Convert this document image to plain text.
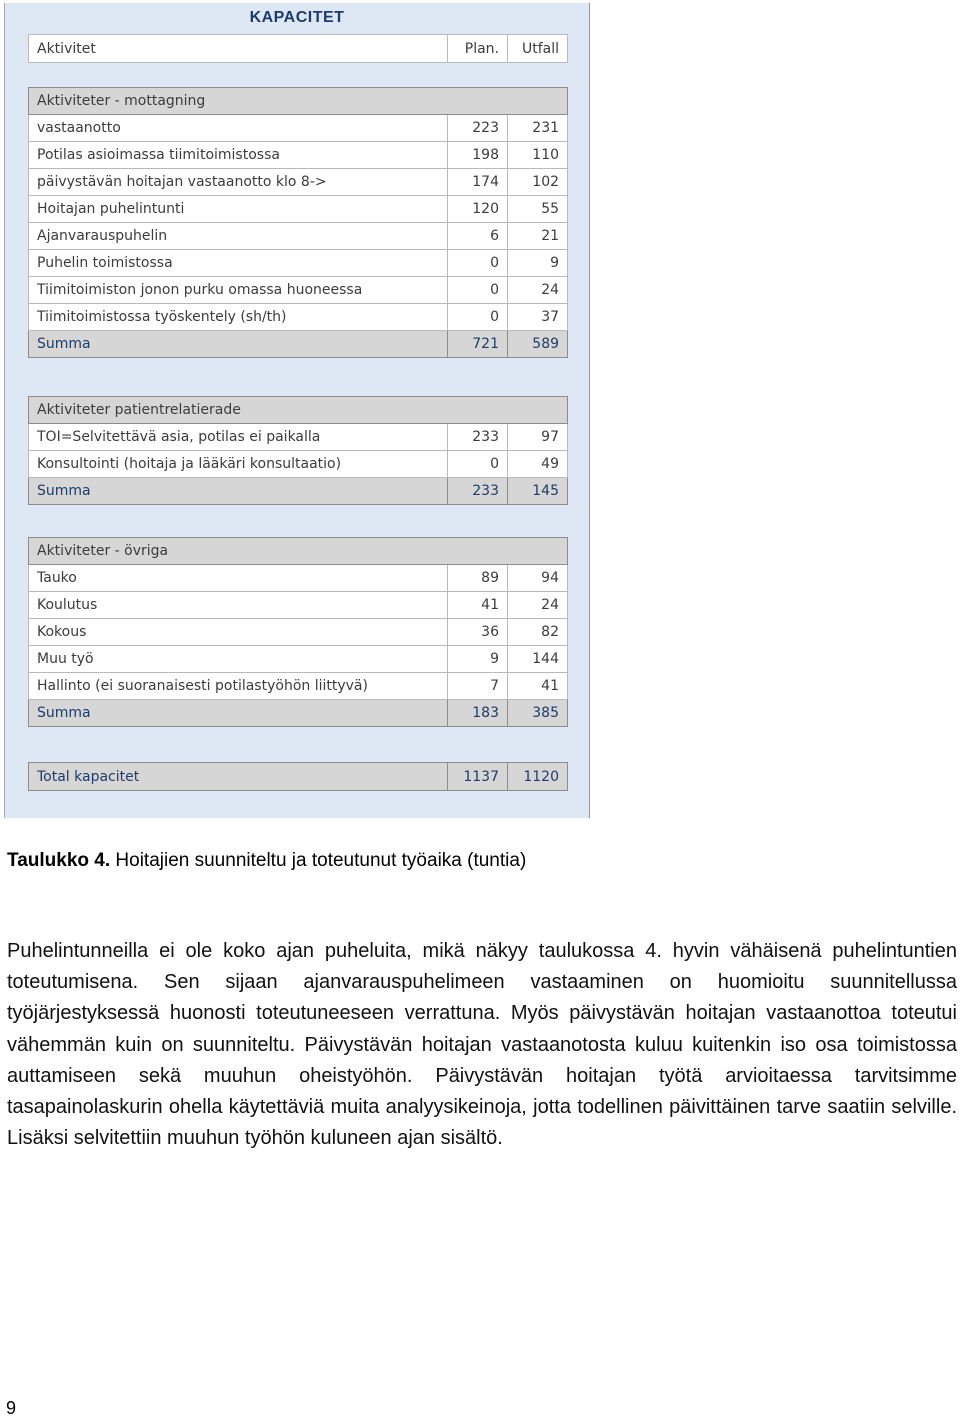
KAPACITET
Aktivitet	Plan.	Utfall
Aktiviteter - mottagning		
vastaanotto	223	231
Potilas asioimassa tiimitoimistossa	198	110
päivystävän hoitajan vastaanotto klo 8->	174	102
Hoitajan puhelintunti	120	55
Ajanvarauspuhelin	6	21
Puhelin toimistossa	0	9
Tiimitoimiston jonon purku omassa huoneessa	0	24
Tiimitoimistossa työskentely (sh/th)	0	37
Summa	721	589
Aktiviteter patientrelatierade		
TOI=Selvitettävä asia, potilas ei paikalla	233	97
Konsultointi (hoitaja ja lääkäri konsultaatio)	0	49
Summa	233	145
Aktiviteter - övriga		
Tauko	89	94
Koulutus	41	24
Kokous	36	82
Muu työ	9	144
Hallinto (ei suoranaisesti potilastyöhön liittyvä)	7	41
Summa	183	385
Total kapacitet	1137	1120
Taulukko 4. Hoitajien suunniteltu ja toteutunut työaika (tuntia)
Puhelintunneilla ei ole koko ajan puheluita, mikä näkyy taulukossa 4. hyvin vähäisenä puhelintuntien toteutumisena. Sen sijaan ajanvarauspuhelimeen vastaaminen on huomioitu suunnitellussa työjärjestyksessä huonosti toteutuneeseen verrattuna. Myös päivystävän hoitajan vastaanottoa toteutui vähemmän kuin on suunniteltu. Päivystävän hoitajan vastaanotosta kuluu kuitenkin iso osa toimistossa auttamiseen sekä muuhun oheistyöhön. Päivystävän hoitajan työtä arvioitaessa tarvitsimme tasapainolaskurin ohella käytettäviä muita analyysikeinoja, jotta todellinen päivittäinen tarve saatiin selville. Lisäksi selvitettiin muuhun työhön kuluneen ajan sisältö.
9
